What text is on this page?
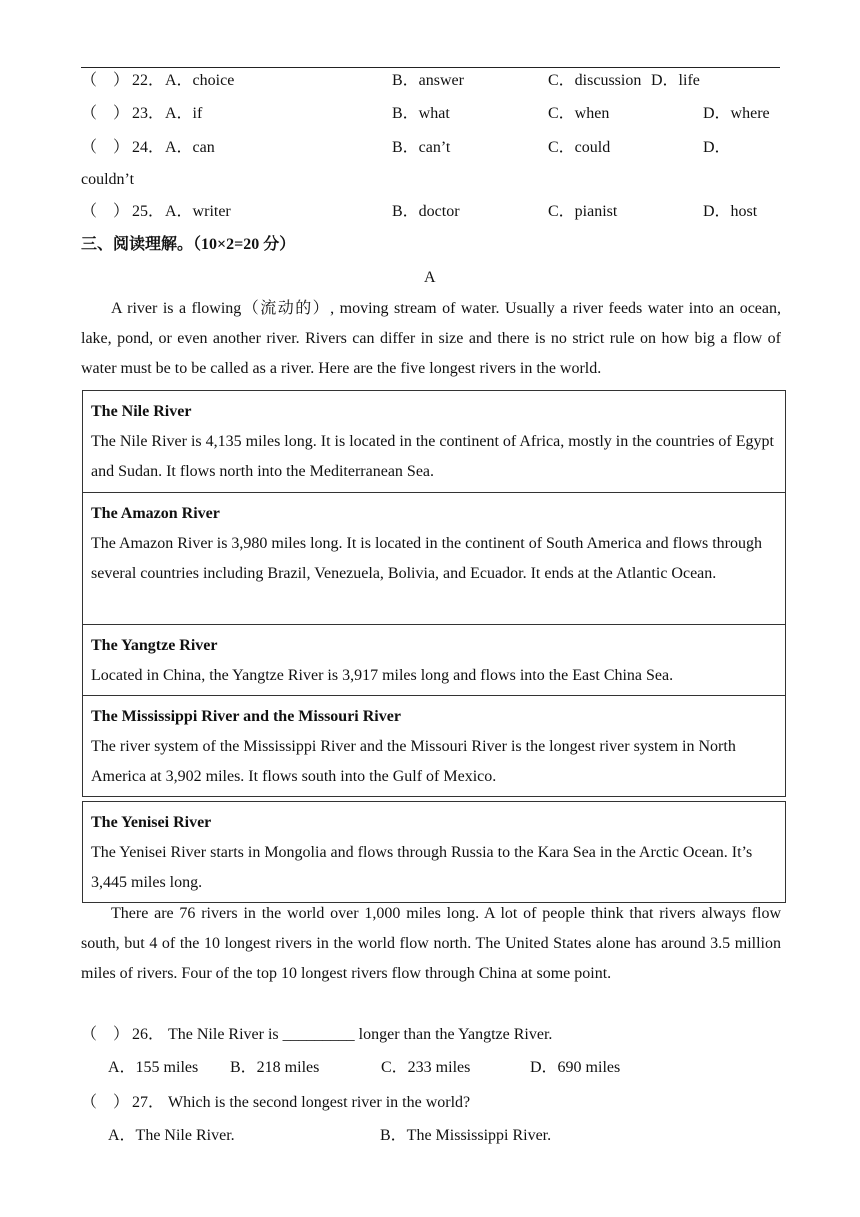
（　） 22． A．choice	B．answer	C．discussion D．life
（　） 23． A．if	B．what	C．when	D．where
（　） 24． A．can	B．can’t	C．could	D．
couldn’t
（　） 25． A．writer	B．doctor	C．pianist	D．host
三、阅读理解。（10×2=20 分）
A
A river is a flowing（流动的）, moving stream of water. Usually a river feeds water into an ocean, lake, pond, or even another river. Rivers can differ in size and there is no strict rule on how big a flow of water must be to be called as a river. Here are the five longest rivers in the world.
The Nile River
The Nile River is 4,135 miles long. It is located in the continent of Africa, mostly in the countries of Egypt and Sudan. It flows north into the Mediterranean Sea.
The Amazon River
The Amazon River is 3,980 miles long. It is located in the continent of South America and flows through several countries including Brazil, Venezuela, Bolivia, and Ecuador. It ends at the Atlantic Ocean.
The Yangtze River
Located in China, the Yangtze River is 3,917 miles long and flows into the East China Sea.
The Mississippi River and the Missouri River
The river system of the Mississippi River and the Missouri River is the longest river system in North America at 3,902 miles. It flows south into the Gulf of Mexico.
The Yenisei River
The Yenisei River starts in Mongolia and flows through Russia to the Kara Sea in the Arctic Ocean. It’s 3,445 miles long.
There are 76 rivers in the world over 1,000 miles long. A lot of people think that rivers always flow south, but 4 of the 10 longest rivers in the world flow north. The United States alone has around 3.5 million miles of rivers. Four of the top 10 longest rivers flow through China at some point.
（　） 26． The Nile River is _________ longer than the Yangtze River.
A．155 miles B．218 miles	C．233 miles	D．690 miles
（　） 27． Which is the second longest river in the world?
A．The Nile River.	B．The Mississippi River.
